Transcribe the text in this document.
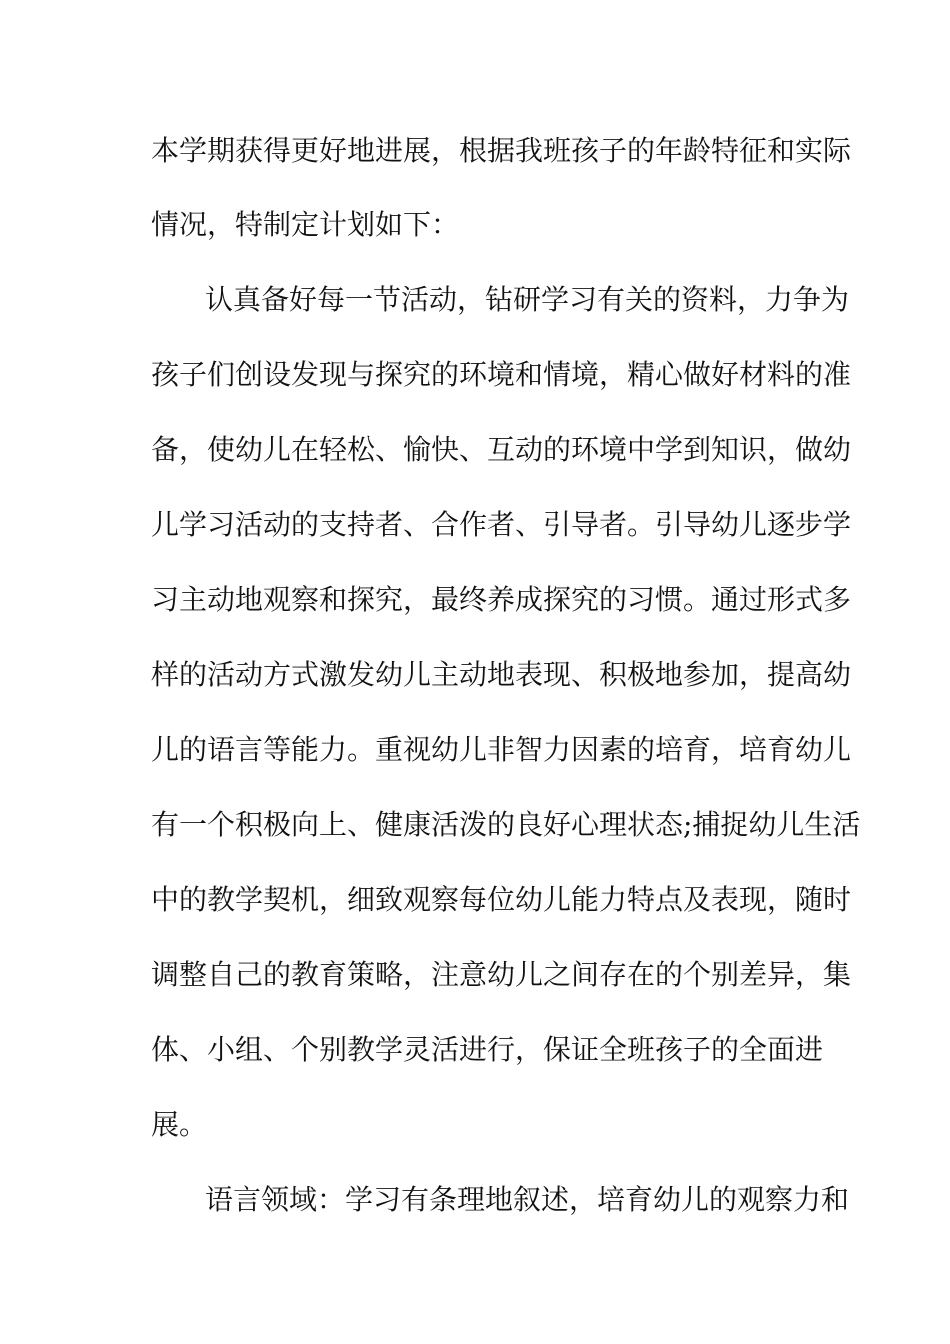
本学期获得更好地进展，根据我班孩子的年龄特征和实际
情况，特制定计划如下：
认真备好每一节活动，钻研学习有关的资料，力争为
孩子们创设发现与探究的环境和情境，精心做好材料的准
备，使幼儿在轻松、愉快、互动的环境中学到知识，做幼
儿学习活动的支持者、合作者、引导者。引导幼儿逐步学
习主动地观察和探究，最终养成探究的习惯。通过形式多
样的活动方式激发幼儿主动地表现、积极地参加，提高幼
儿的语言等能力。重视幼儿非智力因素的培育，培育幼儿
有一个积极向上、健康活泼的良好心理状态;捕捉幼儿生活
中的教学契机，细致观察每位幼儿能力特点及表现，随时
调整自己的教育策略，注意幼儿之间存在的个别差异，集
体、小组、个别教学灵活进行，保证全班孩子的全面进
展。
语言领域：学习有条理地叙述，培育幼儿的观察力和
